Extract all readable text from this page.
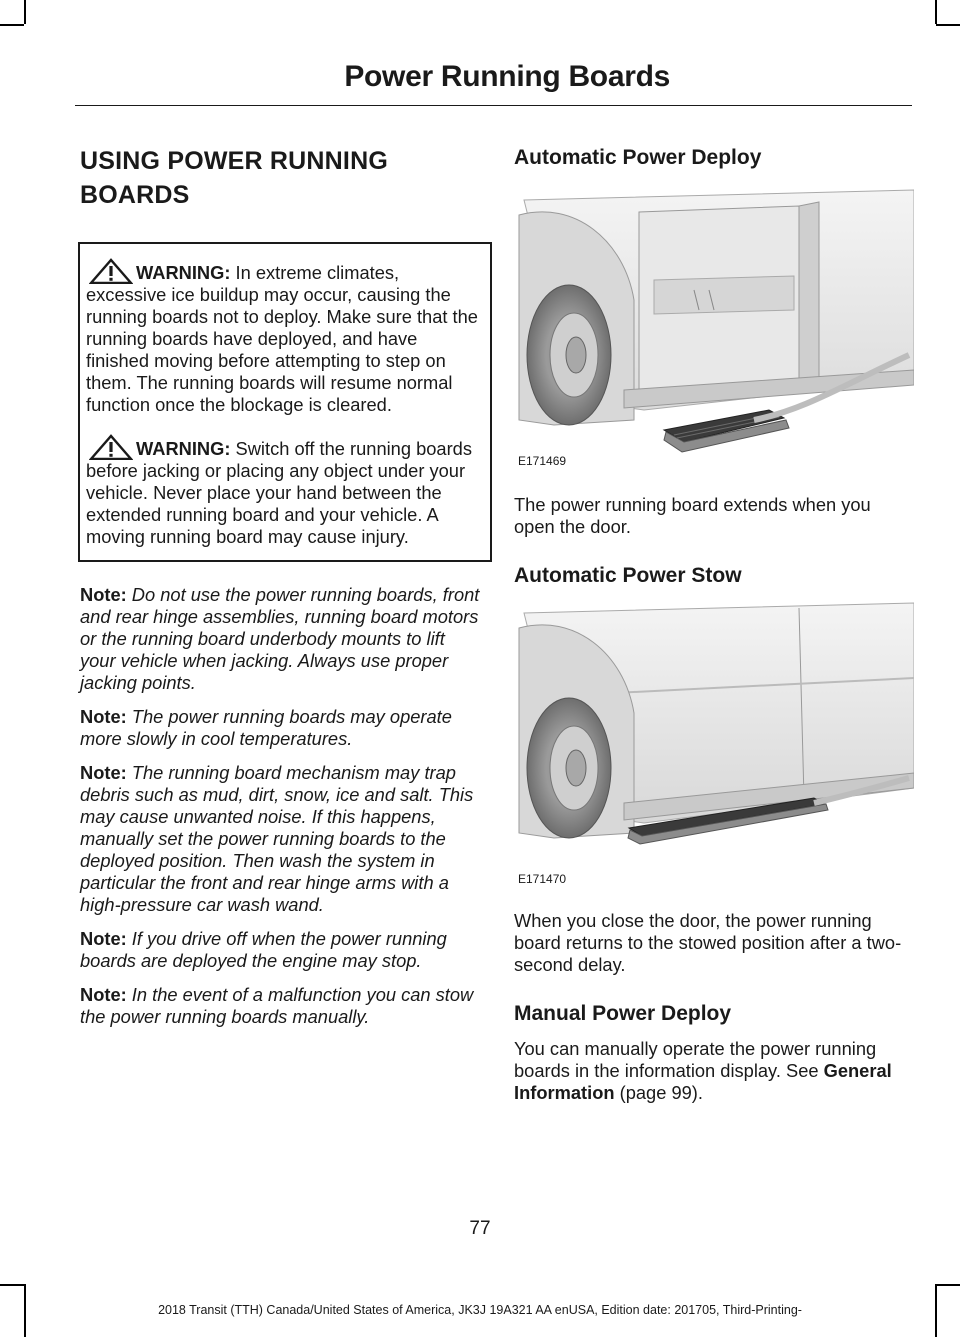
Power Running Boards
USING POWER RUNNING
BOARDS

WARNING: In extreme climates, excessive ice buildup may occur, causing the running boards not to deploy. Make sure that the running boards have deployed, and have finished moving before attempting to step on them. The running boards will resume normal function once the blockage is cleared.

WARNING: Switch off the running boards before jacking or placing any object under your vehicle. Never place your hand between the extended running board and your vehicle. A moving running board may cause injury.

Note: Do not use the power running boards, front and rear hinge assemblies, running board motors or the running board underbody mounts to lift your vehicle when jacking. Always use proper jacking points.

Note: The power running boards may operate more slowly in cool temperatures.

Note: The running board mechanism may trap debris such as mud, dirt, snow, ice and salt. This may cause unwanted noise. If this happens, manually set the power running boards to the deployed position. Then wash the system in particular the front and rear hinge arms with a high-pressure car wash wand.

Note: If you drive off when the power running boards are deployed the engine may stop.

Note: In the event of a malfunction you can stow the power running boards manually.

Automatic Power Deploy
E171469

The power running board extends when you open the door.

Automatic Power Stow
E171470

When you close the door, the power running board returns to the stowed position after a two-second delay.

Manual Power Deploy

You can manually operate the power running boards in the information display. See General Information (page 99).

77
2018 Transit (TTH) Canada/United States of America, JK3J 19A321 AA enUSA, Edition date: 201705, Third-Printing-
